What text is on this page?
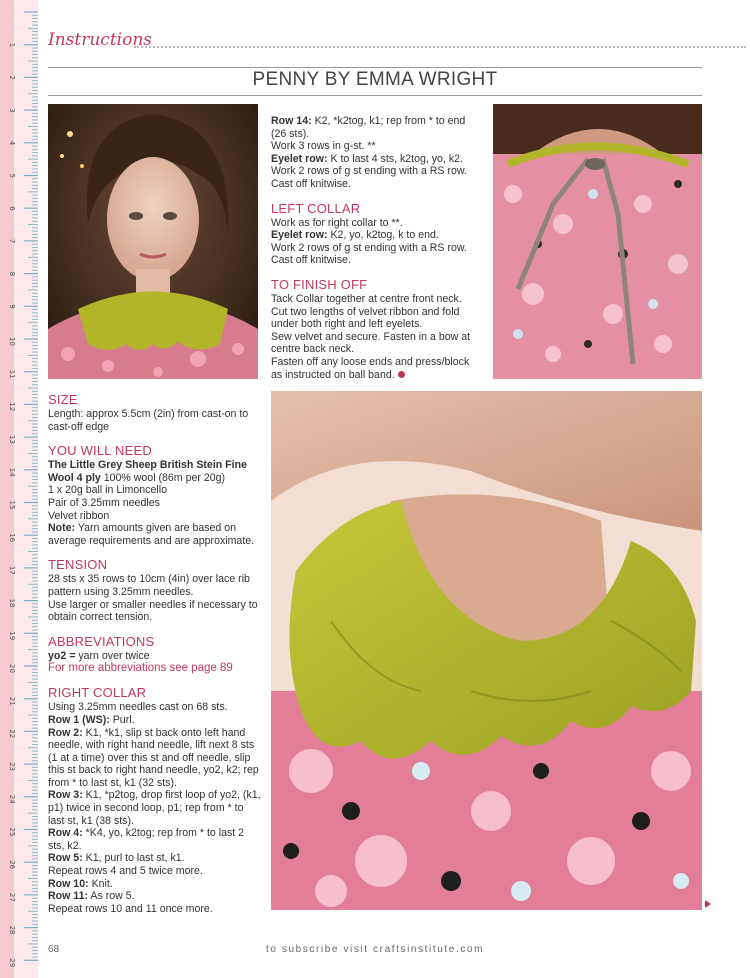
1
2
3
4
5
6
7
8
9
10
11
12
13
14
15
16
17
18
19
20
21
22
23
24
25
26
27
28
29
Instructions
PENNY BY EMMA WRIGHT

SIZE

Length: approx 5.5cm (2in) from cast-on to cast-off edge

YOU WILL NEED

The Little Grey Sheep British Stein Fine Wool 4 ply 100% wool (86m per 20g)

1 x 20g ball in Limoncello

Pair of 3.25mm needles

Velvet ribbon

Note: Yarn amounts given are based on average requirements and are approximate.

TENSION

28 sts x 35 rows to 10cm (4in) over lace rib pattern using 3.25mm needles.

Use larger or smaller needles if necessary to obtain correct tension.

ABBREVIATIONS

yo2 = yarn over twice

For more abbreviations see page 89

RIGHT COLLAR

Using 3.25mm needles cast on 68 sts.

Row 1 (WS): Purl.

Row 2: K1, *k1, slip st back onto left hand needle, with right hand needle, lift next 8 sts (1 at a time) over this st and off needle, slip this st back to right hand needle, yo2, k2; rep from * to last st, k1 (32 sts).

Row 3: K1, *p2tog, drop first loop of yo2, (k1, p1) twice in second loop, p1; rep from * to last st, k1 (38 sts).

Row 4: *K4, yo, k2tog; rep from * to last 2 sts, k2.

Row 5: K1, purl to last st, k1.

Repeat rows 4 and 5 twice more.

Row 10: Knit.

Row 11: As row 5.

Repeat rows 10 and 11 once more.

Row 14: K2, *k2tog, k1; rep from * to end (26 sts).

Work 3 rows in g-st. **

Eyelet row: K to last 4 sts, k2tog, yo, k2.

Work 2 rows of g st ending with a RS row.

Cast off knitwise.

LEFT COLLAR

Work as for right collar to **.

Eyelet row: K2, yo, k2tog, k to end.

Work 2 rows of g st ending with a RS row.

Cast off knitwise.

TO FINISH OFF

Tack Collar together at centre front neck.

Cut two lengths of velvet ribbon and fold under both right and left eyelets.

Sew velvet and secure. Fasten in a bow at centre back neck.

Fasten off any loose ends and press/block as instructed on ball band.

68	to subscribe visit craftsinstitute.com
